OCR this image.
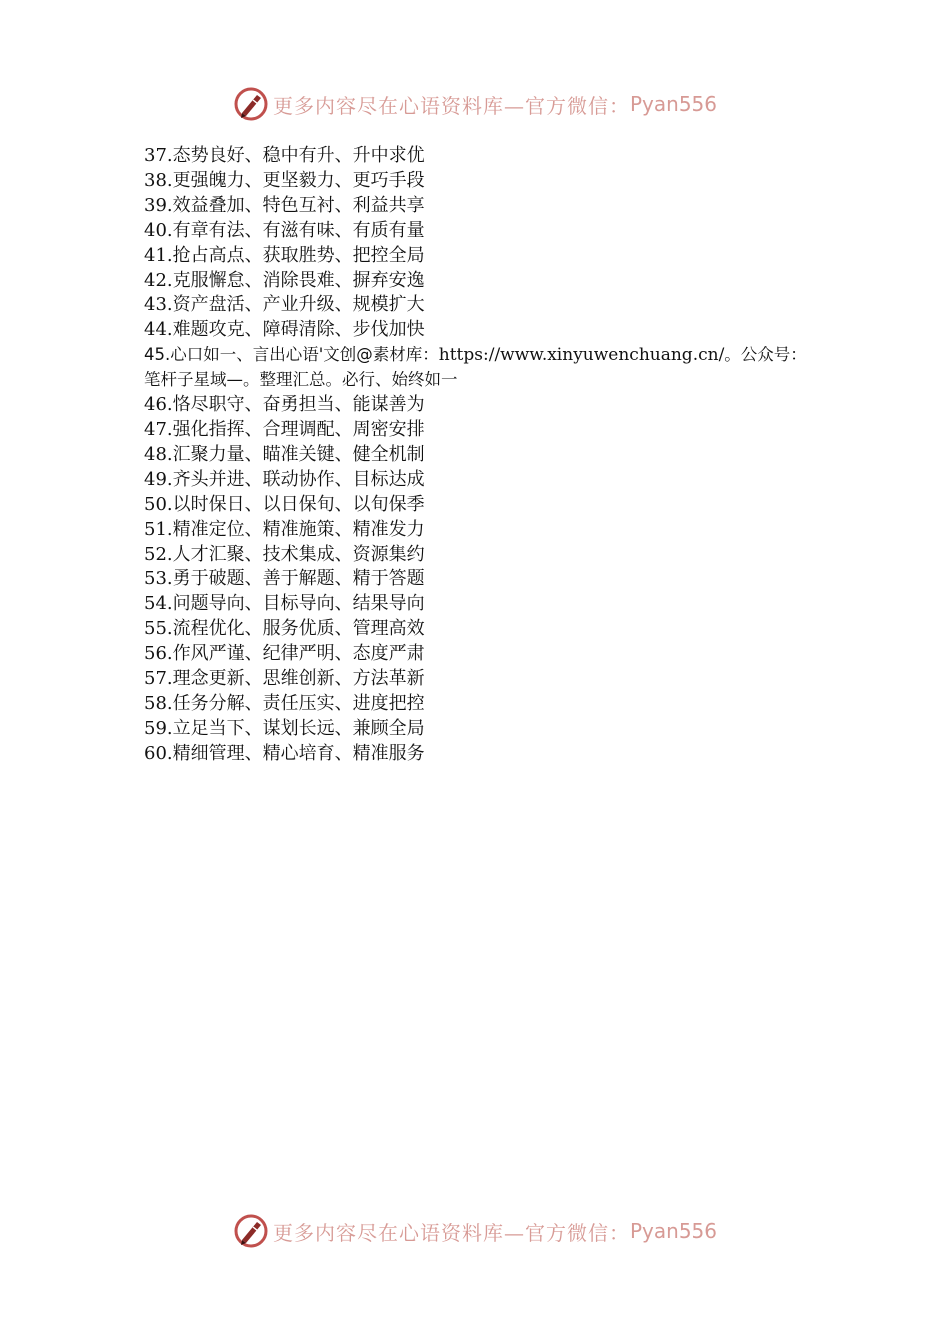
更多内容尽在心语资料库—官方微信： Pyan556
37.态势良好、稳中有升、升中求优
38.更强魄力、更坚毅力、更巧手段
39.效益叠加、特色互衬、利益共享
40.有章有法、有滋有味、有质有量
41.抢占高点、获取胜势、把控全局
42.克服懈怠、消除畏难、摒弃安逸
43.资产盘活、产业升级、规模扩大
44.难题攻克、障碍清除、步伐加快
45.心口如一、言出心语'文创@素材库：https://www.xinyuwenchuang.cn/。公众号：
笔杆子星域—。整理汇总。必行、始终如一
46.恪尽职守、奋勇担当、能谋善为
47.强化指挥、合理调配、周密安排
48.汇聚力量、瞄准关键、健全机制
49.齐头并进、联动协作、目标达成
50.以时保日、以日保旬、以旬保季
51.精准定位、精准施策、精准发力
52.人才汇聚、技术集成、资源集约
53.勇于破题、善于解题、精于答题
54.问题导向、目标导向、结果导向
55.流程优化、服务优质、管理高效
56.作风严谨、纪律严明、态度严肃
57.理念更新、思维创新、方法革新
58.任务分解、责任压实、进度把控
59.立足当下、谋划长远、兼顾全局
60.精细管理、精心培育、精准服务
更多内容尽在心语资料库—官方微信： Pyan556
